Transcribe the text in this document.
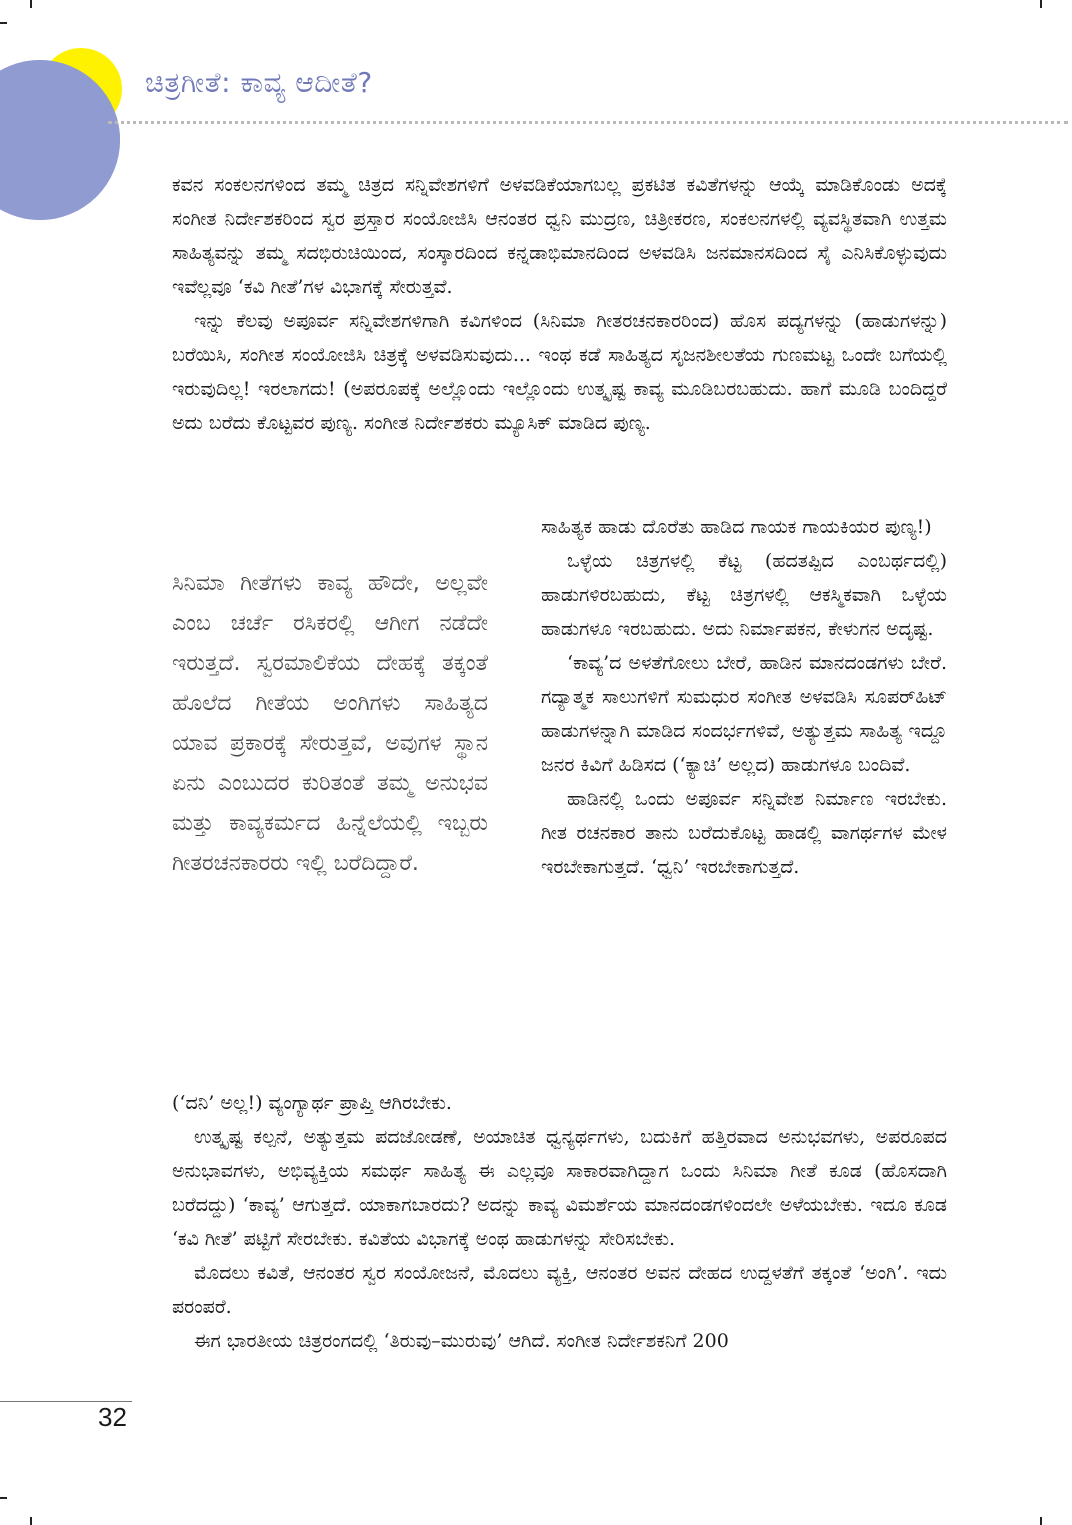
ಚಿತ್ರಗೀತೆ: ಕಾವ್ಯ ಆದೀತೆ?

ಕವನ ಸಂಕಲನಗಳಿಂದ ತಮ್ಮ ಚಿತ್ರದ ಸನ್ನಿವೇಶಗಳಿಗೆ ಅಳವಡಿಕೆಯಾಗಬಲ್ಲ ಪ್ರಕಟಿತ ಕವಿತೆಗಳನ್ನು ಆಯ್ಕೆ ಮಾಡಿಕೊಂಡು ಅದಕ್ಕೆ ಸಂಗೀತ ನಿರ್ದೇಶಕರಿಂದ ಸ್ವರ ಪ್ರಸ್ತಾರ ಸಂಯೋಜಿಸಿ ಆನಂತರ ಧ್ವನಿ ಮುದ್ರಣ, ಚಿತ್ರೀಕರಣ, ಸಂಕಲನಗಳಲ್ಲಿ ವ್ಯವಸ್ಥಿತವಾಗಿ ಉತ್ತಮ ಸಾಹಿತ್ಯವನ್ನು ತಮ್ಮ ಸದಭಿರುಚಿಯಿಂದ, ಸಂಸ್ಕಾರದಿಂದ ಕನ್ನಡಾಭಿಮಾನದಿಂದ ಅಳವಡಿಸಿ ಜನಮಾನಸದಿಂದ ಸೈ ಎನಿಸಿಕೊಳ್ಳುವುದು ಇವೆಲ್ಲವೂ ‘ಕವಿ ಗೀತೆ’ಗಳ ವಿಭಾಗಕ್ಕೆ ಸೇರುತ್ತವೆ.

ಇನ್ನು ಕೆಲವು ಅಪೂರ್ವ ಸನ್ನಿವೇಶಗಳಿಗಾಗಿ ಕವಿಗಳಿಂದ (ಸಿನಿಮಾ ಗೀತರಚನಕಾರರಿಂದ) ಹೊಸ ಪದ್ಯಗಳನ್ನು (ಹಾಡುಗಳನ್ನು) ಬರೆಯಿಸಿ, ಸಂಗೀತ ಸಂಯೋಜಿಸಿ ಚಿತ್ರಕ್ಕೆ ಅಳವಡಿಸುವುದು... ಇಂಥ ಕಡೆ ಸಾಹಿತ್ಯದ ಸೃಜನಶೀಲತೆಯ ಗುಣಮಟ್ಟ ಒಂದೇ ಬಗೆಯಲ್ಲಿ ಇರುವುದಿಲ್ಲ! ಇರಲಾಗದು! (ಅಪರೂಪಕ್ಕೆ ಅಲ್ಲೊಂದು ಇಲ್ಲೊಂದು ಉತ್ಕೃಷ್ಟ ಕಾವ್ಯ ಮೂಡಿಬರಬಹುದು. ಹಾಗೆ ಮೂಡಿ ಬಂದಿದ್ದರೆ ಅದು ಬರೆದು ಕೊಟ್ಟವರ ಪುಣ್ಯ. ಸಂಗೀತ ನಿರ್ದೇಶಕರು ಮ್ಯೂಸಿಕ್ ಮಾಡಿದ ಪುಣ್ಯ.

ಸಿನಿಮಾ ಗೀತೆಗಳು ಕಾವ್ಯ ಹೌದೇ, ಅಲ್ಲವೇ ಎಂಬ ಚರ್ಚೆ ರಸಿಕರಲ್ಲಿ ಆಗೀಗ ನಡೆದೇ ಇರುತ್ತದೆ. ಸ್ವರಮಾಲಿಕೆಯ ದೇಹಕ್ಕೆ ತಕ್ಕಂತೆ ಹೊಲೆದ ಗೀತೆಯ ಅಂಗಿಗಳು ಸಾಹಿತ್ಯದ ಯಾವ ಪ್ರಕಾರಕ್ಕೆ ಸೇರುತ್ತವೆ, ಅವುಗಳ ಸ್ಥಾನ ಏನು ಎಂಬುದರ ಕುರಿತಂತೆ ತಮ್ಮ ಅನುಭವ ಮತ್ತು ಕಾವ್ಯಕರ್ಮದ ಹಿನ್ನೆಲೆಯಲ್ಲಿ ಇಬ್ಬರು ಗೀತರಚನಕಾರರು ಇಲ್ಲಿ ಬರೆದಿದ್ದಾರೆ.

ಸಾಹಿತ್ಯಕ ಹಾಡು ದೊರೆತು ಹಾಡಿದ ಗಾಯಕ ಗಾಯಕಿಯರ ಪುಣ್ಯ!)

ಒಳ್ಳೆಯ ಚಿತ್ರಗಳಲ್ಲಿ ಕೆಟ್ಟ (ಹದತಪ್ಪಿದ ಎಂಬರ್ಥದಲ್ಲಿ) ಹಾಡುಗಳಿರಬಹುದು, ಕೆಟ್ಟ ಚಿತ್ರಗಳಲ್ಲಿ ಆಕಸ್ಮಿಕವಾಗಿ ಒಳ್ಳೆಯ ಹಾಡುಗಳೂ ಇರಬಹುದು. ಅದು ನಿರ್ಮಾಪಕನ, ಕೇಳುಗನ ಅದೃಷ್ಟ.

‘ಕಾವ್ಯ’ದ ಅಳತೆಗೋಲು ಬೇರೆ, ಹಾಡಿನ ಮಾನದಂಡಗಳು ಬೇರೆ. ಗದ್ಯಾತ್ಮಕ ಸಾಲುಗಳಿಗೆ ಸುಮಧುರ ಸಂಗೀತ ಅಳವಡಿಸಿ ಸೂಪರ್‌ಹಿಟ್ ಹಾಡುಗಳನ್ನಾಗಿ ಮಾಡಿದ ಸಂದರ್ಭಗಳಿವೆ, ಅತ್ಯುತ್ತಮ ಸಾಹಿತ್ಯ ಇದ್ದೂ ಜನರ ಕಿವಿಗೆ ಹಿಡಿಸದ (‘ಕ್ಯಾಚಿ’ ಅಲ್ಲದ) ಹಾಡುಗಳೂ ಬಂದಿವೆ.

ಹಾಡಿನಲ್ಲಿ ಒಂದು ಅಪೂರ್ವ ಸನ್ನಿವೇಶ ನಿರ್ಮಾಣ ಇರಬೇಕು. ಗೀತ ರಚನಕಾರ ತಾನು ಬರೆದುಕೊಟ್ಟ ಹಾಡಲ್ಲಿ ವಾಗರ್ಥಗಳ ಮೇಳ ಇರಬೇಕಾಗುತ್ತದೆ. ‘ಧ್ವನಿ’ ಇರಬೇಕಾಗುತ್ತದೆ.

(‘ದನಿ’ ಅಲ್ಲ!) ವ್ಯಂಗ್ಯಾರ್ಥ ಪ್ರಾಪ್ತಿ ಆಗಿರಬೇಕು.

ಉತ್ಕೃಷ್ಟ ಕಲ್ಪನೆ, ಅತ್ಯುತ್ತಮ ಪದಜೋಡಣೆ, ಅಯಾಚಿತ ಧ್ವನ್ಯರ್ಥಗಳು, ಬದುಕಿಗೆ ಹತ್ತಿರವಾದ ಅನುಭವಗಳು, ಅಪರೂಪದ ಅನುಭಾವಗಳು, ಅಭಿವ್ಯಕ್ತಿಯ ಸಮರ್ಥ ಸಾಹಿತ್ಯ ಈ ಎಲ್ಲವೂ ಸಾಕಾರವಾಗಿದ್ದಾಗ ಒಂದು ಸಿನಿಮಾ ಗೀತೆ ಕೂಡ (ಹೊಸದಾಗಿ ಬರೆದದ್ದು) ‘ಕಾವ್ಯ’ ಆಗುತ್ತದೆ. ಯಾಕಾಗಬಾರದು? ಅದನ್ನು ಕಾವ್ಯ ವಿಮರ್ಶೆಯ ಮಾನದಂಡಗಳಿಂದಲೇ ಅಳೆಯಬೇಕು. ಇದೂ ಕೂಡ ‘ಕವಿ ಗೀತೆ’ ಪಟ್ಟಿಗೆ ಸೇರಬೇಕು. ಕವಿತೆಯ ವಿಭಾಗಕ್ಕೆ ಅಂಥ ಹಾಡುಗಳನ್ನು ಸೇರಿಸಬೇಕು.

ಮೊದಲು ಕವಿತೆ, ಆನಂತರ ಸ್ವರ ಸಂಯೋಜನೆ, ಮೊದಲು ವ್ಯಕ್ತಿ, ಆನಂತರ ಅವನ ದೇಹದ ಉದ್ದಳತೆಗೆ ತಕ್ಕಂತೆ ‘ಅಂಗಿ’. ಇದು ಪರಂಪರೆ.

ಈಗ ಭಾರತೀಯ ಚಿತ್ರರಂಗದಲ್ಲಿ ‘ತಿರುವು–ಮುರುವು’ ಆಗಿದೆ. ಸಂಗೀತ ನಿರ್ದೇಶಕನಿಗೆ 200

32
